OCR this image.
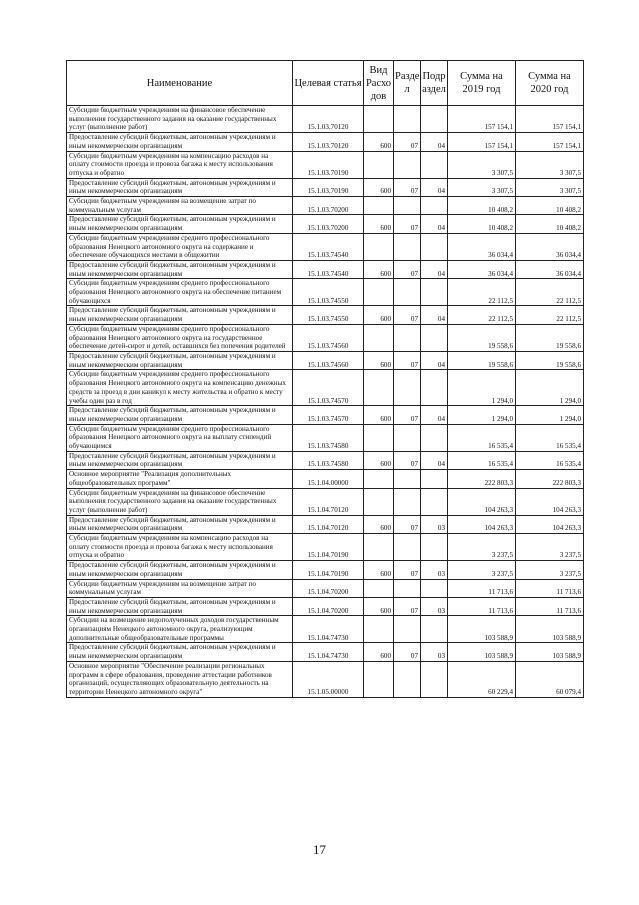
Наименование	Целевая статья	Вид Расхо дов	Разде л	Подр аздел	Сумма на 2019 год	Сумма на 2020 год
Субсидии бюджетным учреждениям на финансовое обеспечение выполнения государственного задания на оказание государственных услуг (выполнение работ)	15.1.03.70120				157 154,1	157 154,1
Предоставление субсидий бюджетным, автономным учреждениям и иным некоммерческим организациям	15.1.03.70120	600	07	04	157 154,1	157 154,1
Субсидии бюджетным учреждениям на компенсацию расходов на оплату стоимости проезда и провоза багажа к месту использования отпуска и обратно	15.1.03.70190				3 307,5	3 307,5
Предоставление субсидий бюджетным, автономным учреждениям и иным некоммерческим организациям	15.1.03.70190	600	07	04	3 307,5	3 307,5
Субсидии бюджетным учреждениям на возмещение затрат по коммунальным услугам	15.1.03.70200				10 408,2	10 408,2
Предоставление субсидий бюджетным, автономным учреждениям и иным некоммерческим организациям	15.1.03.70200	600	07	04	10 408,2	10 408,2
Субсидии бюджетным учреждениям среднего профессионального образования Ненецкого автономного округа на содержание и обеспечение обучающихся местами в общежитии	15.1.03.74540				36 034,4	36 034,4
Предоставление субсидий бюджетным, автономным учреждениям и иным некоммерческим организациям	15.1.03.74540	600	07	04	36 034,4	36 034,4
Субсидии бюджетным учреждениям среднего профессионального образования Ненецкого автономного округа на обеспечение питанием обучающихся	15.1.03.74550				22 112,5	22 112,5
Предоставление субсидий бюджетным, автономным учреждениям и иным некоммерческим организациям	15.1.03.74550	600	07	04	22 112,5	22 112,5
Субсидии бюджетным учреждениям среднего профессионального образования Ненецкого автономного округа на государственное обеспечение детей-сирот и детей, оставшихся без попечения родителей	15.1.03.74560				19 558,6	19 558,6
Предоставление субсидий бюджетным, автономным учреждениям и иным некоммерческим организациям	15.1.03.74560	600	07	04	19 558,6	19 558,6
Субсидии бюджетным учреждениям среднего профессионального образования Ненецкого автономного округа на компенсацию денежных средств за проезд в дни каникул к месту жительства и обратно к месту учебы один раз в год	15.1.03.74570				1 294,0	1 294,0
Предоставление субсидий бюджетным, автономным учреждениям и иным некоммерческим организациям	15.1.03.74570	600	07	04	1 294,0	1 294,0
Субсидии бюджетным учреждениям среднего профессионального образования Ненецкого автономного округа на выплату стипендий обучающимся	15.1.03.74580				16 535,4	16 535,4
Предоставление субсидий бюджетным, автономным учреждениям и иным некоммерческим организациям	15.1.03.74580	600	07	04	16 535,4	16 535,4
Основное мероприятие "Реализация дополнительных общеобразовательных программ"	15.1.04.00000				222 803,3	222 803,3
Субсидии бюджетным учреждениям на финансовое обеспечение выполнения государственного задания на оказание государственных услуг (выполнение работ)	15.1.04.70120				104 263,3	104 263,3
Предоставление субсидий бюджетным, автономным учреждениям и иным некоммерческим организациям	15.1.04.70120	600	07	03	104 263,3	104 263,3
Субсидии бюджетным учреждениям на компенсацию расходов на оплату стоимости проезда и провоза багажа к месту использования отпуска и обратно	15.1.04.70190				3 237,5	3 237,5
Предоставление субсидий бюджетным, автономным учреждениям и иным некоммерческим организациям	15.1.04.70190	600	07	03	3 237,5	3 237,5
Субсидии бюджетным учреждениям на возмещение затрат по коммунальным услугам	15.1.04.70200				11 713,6	11 713,6
Предоставление субсидий бюджетным, автономным учреждениям и иным некоммерческим организациям	15.1.04.70200	600	07	03	11 713,6	11 713,6
Субсидии на возмещение недополученных доходов государственным организациям Ненецкого автономного округа, реализующим дополнительные общеобразовательные программы	15.1.04.74730				103 588,9	103 588,9
Предоставление субсидий бюджетным, автономным учреждениям и иным некоммерческим организациям	15.1.04.74730	600	07	03	103 588,9	103 588,9
Основное мероприятие "Обеспечение реализации региональных программ в сфере образования, проведение аттестации работников организаций, осуществляющих образовательную деятельность на территории Ненецкого автономного округа"	15.1.05.00000				60 229,4	60 079,4
17
